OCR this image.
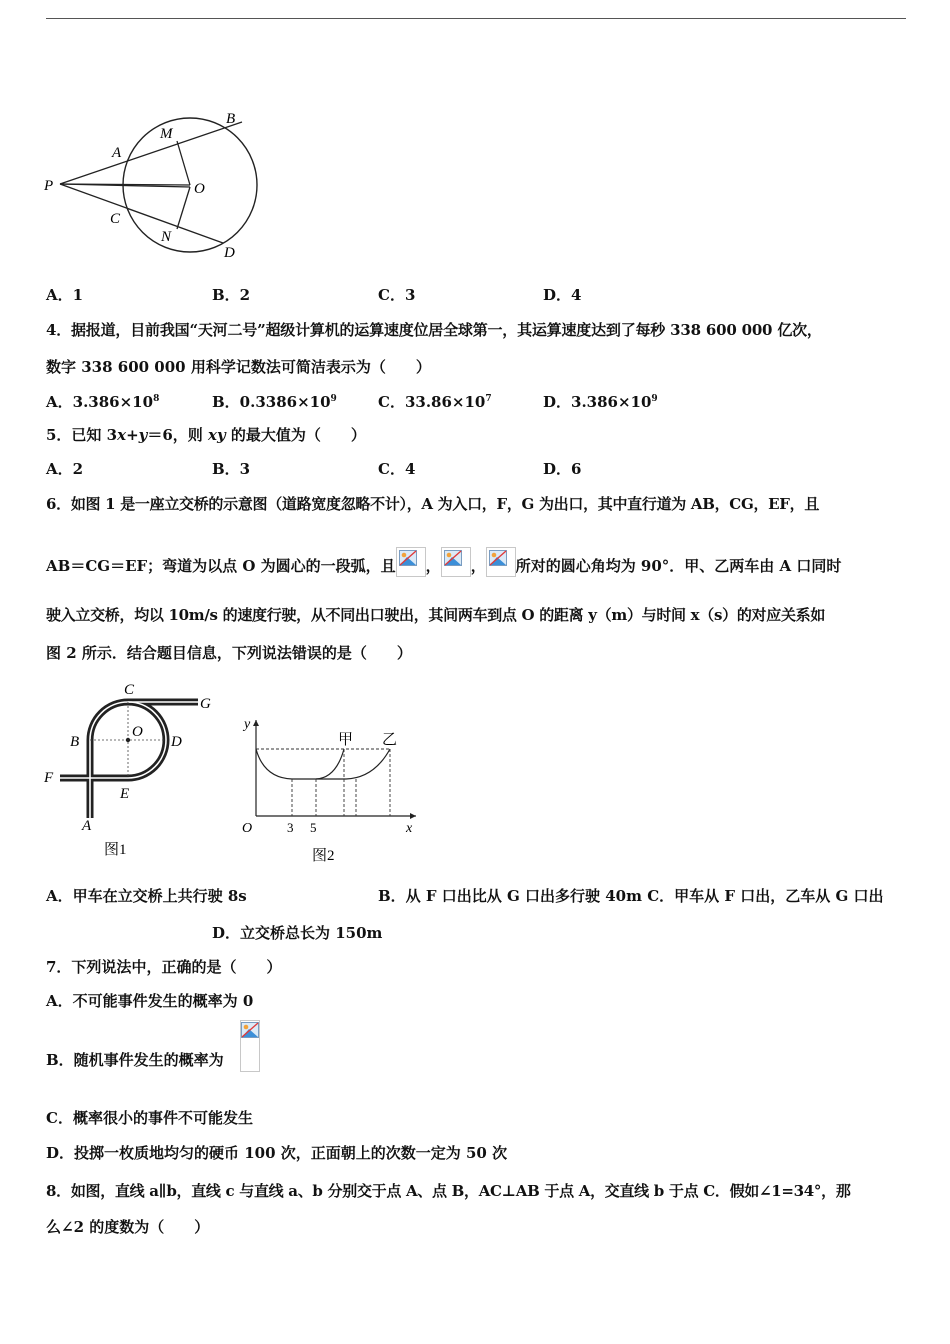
P
A
M
B
O
C
N
D
A．1	B．2	C．3	D．4
4．据报道，目前我国“天河二号”超级计算机的运算速度位居全球第一，其运算速度达到了每秒 338 600 000 亿次，
数字 338 600 000 用科学记数法可简洁表示为（　　）
A．$3.386\times 10^8$	B．$0.3386\times 10^9$	C．$33.86\times 10^7$	D．$3.386\times 10^9$
5．已知 3x+y＝6，则 xy 的最大值为（　　）
A．2	B．3	C．4	D．6
6．如图 1 是一座立交桥的示意图（道路宽度忽略不计），A 为入口，F，G 为出口，其中直行道为 AB，CG，EF，且
AB＝CG＝EF；弯道为以点 O 为圆心的一段弧，且 ， ， 所对的圆心角均为 90°．甲、乙两车由 A 口同时
驶入立交桥，均以 10m/s 的速度行驶，从不同出口驶出，其间两车到点 O 的距离 y（m）与时间 x（s）的对应关系如
图 2 所示．结合题目信息，下列说法错误的是（　　）
C
G
B
O
D
F
E
A
图1
y
甲 乙
O	3 5	x
图2
A．甲车在立交桥上共行驶 8s	B．从 F 口出比从 G 口出多行驶 40m C．甲车从 F 口出，乙车从 G 口出
D．立交桥总长为 150m
7．下列说法中，正确的是（　　）
A．不可能事件发生的概率为 0
B．随机事件发生的概率为
C．概率很小的事件不可能发生
D．投掷一枚质地均匀的硬币 100 次，正面朝上的次数一定为 50 次
8．如图，直线 a∥b，直线 c 与直线 a、b 分别交于点 A、点 B，AC⊥AB 于点 A，交直线 b 于点 C．假如∠1=34°，那
么∠2 的度数为（　　）
